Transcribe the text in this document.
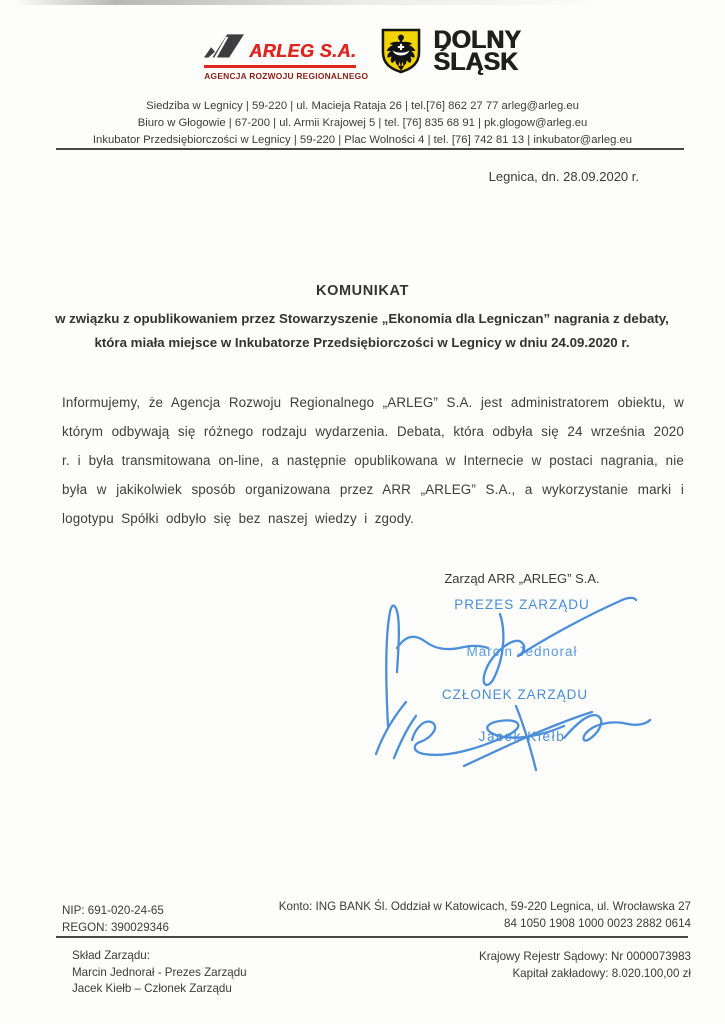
ARLEG S.A.
AGENCJA ROZWOJU REGIONALNEGO
DOLNY
ŚLĄSK
Siedziba w Legnicy | 59-220 | ul. Macieja Rataja 26 | tel.[76] 862 27 77 arleg@arleg.eu
Biuro w Głogowie | 67-200 | ul. Armii Krajowej 5 | tel. [76] 835 68 91 | pk.glogow@arleg.eu
Inkubator Przedsiębiorczości w Legnicy | 59-220 | Plac Wolności 4 | tel. [76] 742 81 13 | inkubator@arleg.eu
Legnica, dn. 28.09.2020 r.
KOMUNIKAT
w związku z opublikowaniem przez Stowarzyszenie „Ekonomia dla Legniczan” nagrania z debaty, która miała miejsce w Inkubatorze Przedsiębiorczości w Legnicy w dniu 24.09.2020 r.

Informujemy, że Agencja Rozwoju Regionalnego „ARLEG” S.A. jest administratorem obiektu, w którym odbywają się różnego rodzaju wydarzenia. Debata, która odbyła się 24 września 2020 r. i była transmitowana on-line, a następnie opublikowana w Internecie w postaci nagrania, nie była w jakikolwiek sposób organizowana przez ARR „ARLEG” S.A., a wykorzystanie marki i logotypu Spółki odbyło się bez naszej wiedzy i zgody.

Zarząd ARR „ARLEG” S.A.
PREZES ZARZĄDU
Marcin Jednorał
CZŁONEK ZARZĄDU
Jacek Kiełb
NIP: 691-020-24-65
REGON: 390029346
Konto: ING BANK Śl. Oddział w Katowicach, 59-220 Legnica, ul. Wrocławska 27
84 1050 1908 1000 0023 2882 0614
Skład Zarządu:
Marcin Jednorał - Prezes Zarządu
Jacek Kiełb – Członek Zarządu
Krajowy Rejestr Sądowy: Nr 0000073983
Kapitał zakładowy: 8.020.100,00 zł
